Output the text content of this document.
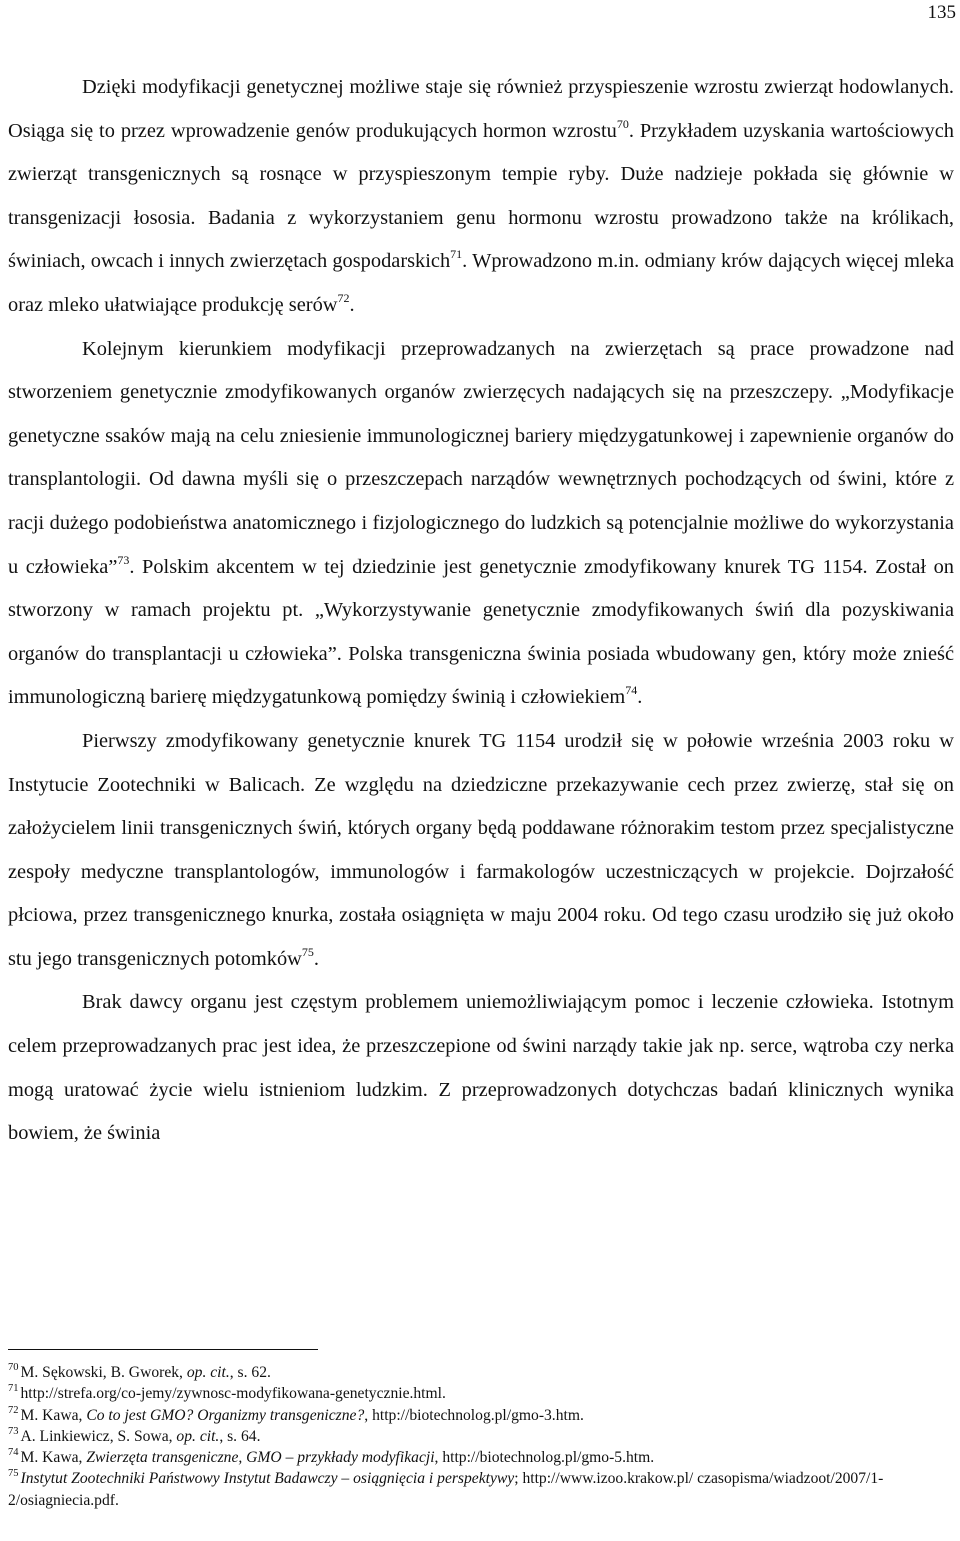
135

Dzięki modyfikacji genetycznej możliwe staje się również przyspieszenie wzrostu zwierząt hodowlanych. Osiąga się to przez wprowadzenie genów produkujących hormon wzrostu$^{70}$. Przykładem uzyskania wartościowych zwierząt transgenicznych są rosnące w przyspieszonym tempie ryby. Duże nadzieje pokłada się głównie w transgenizacji łososia. Badania z wykorzystaniem genu hormonu wzrostu prowadzono także na królikach, świniach, owcach i innych zwierzętach gospodarskich$^{71}$. Wprowadzono m.in. odmiany krów dających więcej mleka oraz mleko ułatwiające produkcję serów$^{72}$.

Kolejnym kierunkiem modyfikacji przeprowadzanych na zwierzętach są prace prowadzone nad stworzeniem genetycznie zmodyfikowanych organów zwierzęcych nadających się na przeszczepy. „Modyfikacje genetyczne ssaków mają na celu zniesienie immunologicznej bariery międzygatunkowej i zapewnienie organów do transplantologii. Od dawna myśli się o przeszczepach narządów wewnętrznych pochodzących od świni, które z racji dużego podobieństwa anatomicznego i fizjologicznego do ludzkich są potencjalnie możliwe do wykorzystania u człowieka”$^{73}$. Polskim akcentem w tej dziedzinie jest genetycznie zmodyfikowany knurek TG 1154. Został on stworzony w ramach projektu pt. „Wykorzystywanie genetycznie zmodyfikowanych świń dla pozyskiwania organów do transplantacji u człowieka”. Polska transgeniczna świnia posiada wbudowany gen, który może znieść immunologiczną barierę międzygatunkową pomiędzy świnią i człowiekiem$^{74}$.

Pierwszy zmodyfikowany genetycznie knurek TG 1154 urodził się w połowie września 2003 roku w Instytucie Zootechniki w Balicach. Ze względu na dziedziczne przekazywanie cech przez zwierzę, stał się on założycielem linii transgenicznych świń, których organy będą poddawane różnorakim testom przez specjalistyczne zespoły medyczne transplantologów, immunologów i farmakologów uczestniczących w projekcie. Dojrzałość płciowa, przez transgenicznego knurka, została osiągnięta w maju 2004 roku. Od tego czasu urodziło się już około stu jego transgenicznych potomków$^{75}$.

Brak dawcy organu jest częstym problemem uniemożliwiającym pomoc i leczenie człowieka. Istotnym celem przeprowadzanych prac jest idea, że przeszczepione od świni narządy takie jak np. serce, wątroba czy nerka mogą uratować życie wielu istnieniom ludzkim. Z przeprowadzonych dotychczas badań klinicznych wynika bowiem, że świnia

$^{70}$ M. Sękowski, B. Gworek, op. cit., s. 62.
$^{71}$ http://strefa.org/co-jemy/zywnosc-modyfikowana-genetycznie.html.
$^{72}$ M. Kawa, Co to jest GMO? Organizmy transgeniczne?, http://biotechnolog.pl/gmo-3.htm.
$^{73}$ A. Linkiewicz, S. Sowa, op. cit., s. 64.
$^{74}$ M. Kawa, Zwierzęta transgeniczne, GMO – przykłady modyfikacji, http://biotechnolog.pl/gmo-5.htm.
$^{75}$ Instytut Zootechniki Państwowy Instytut Badawczy – osiągnięcia i perspektywy; http://www.izoo.krakow.pl/ czasopisma/wiadzoot/2007/1-2/osiagniecia.pdf.
